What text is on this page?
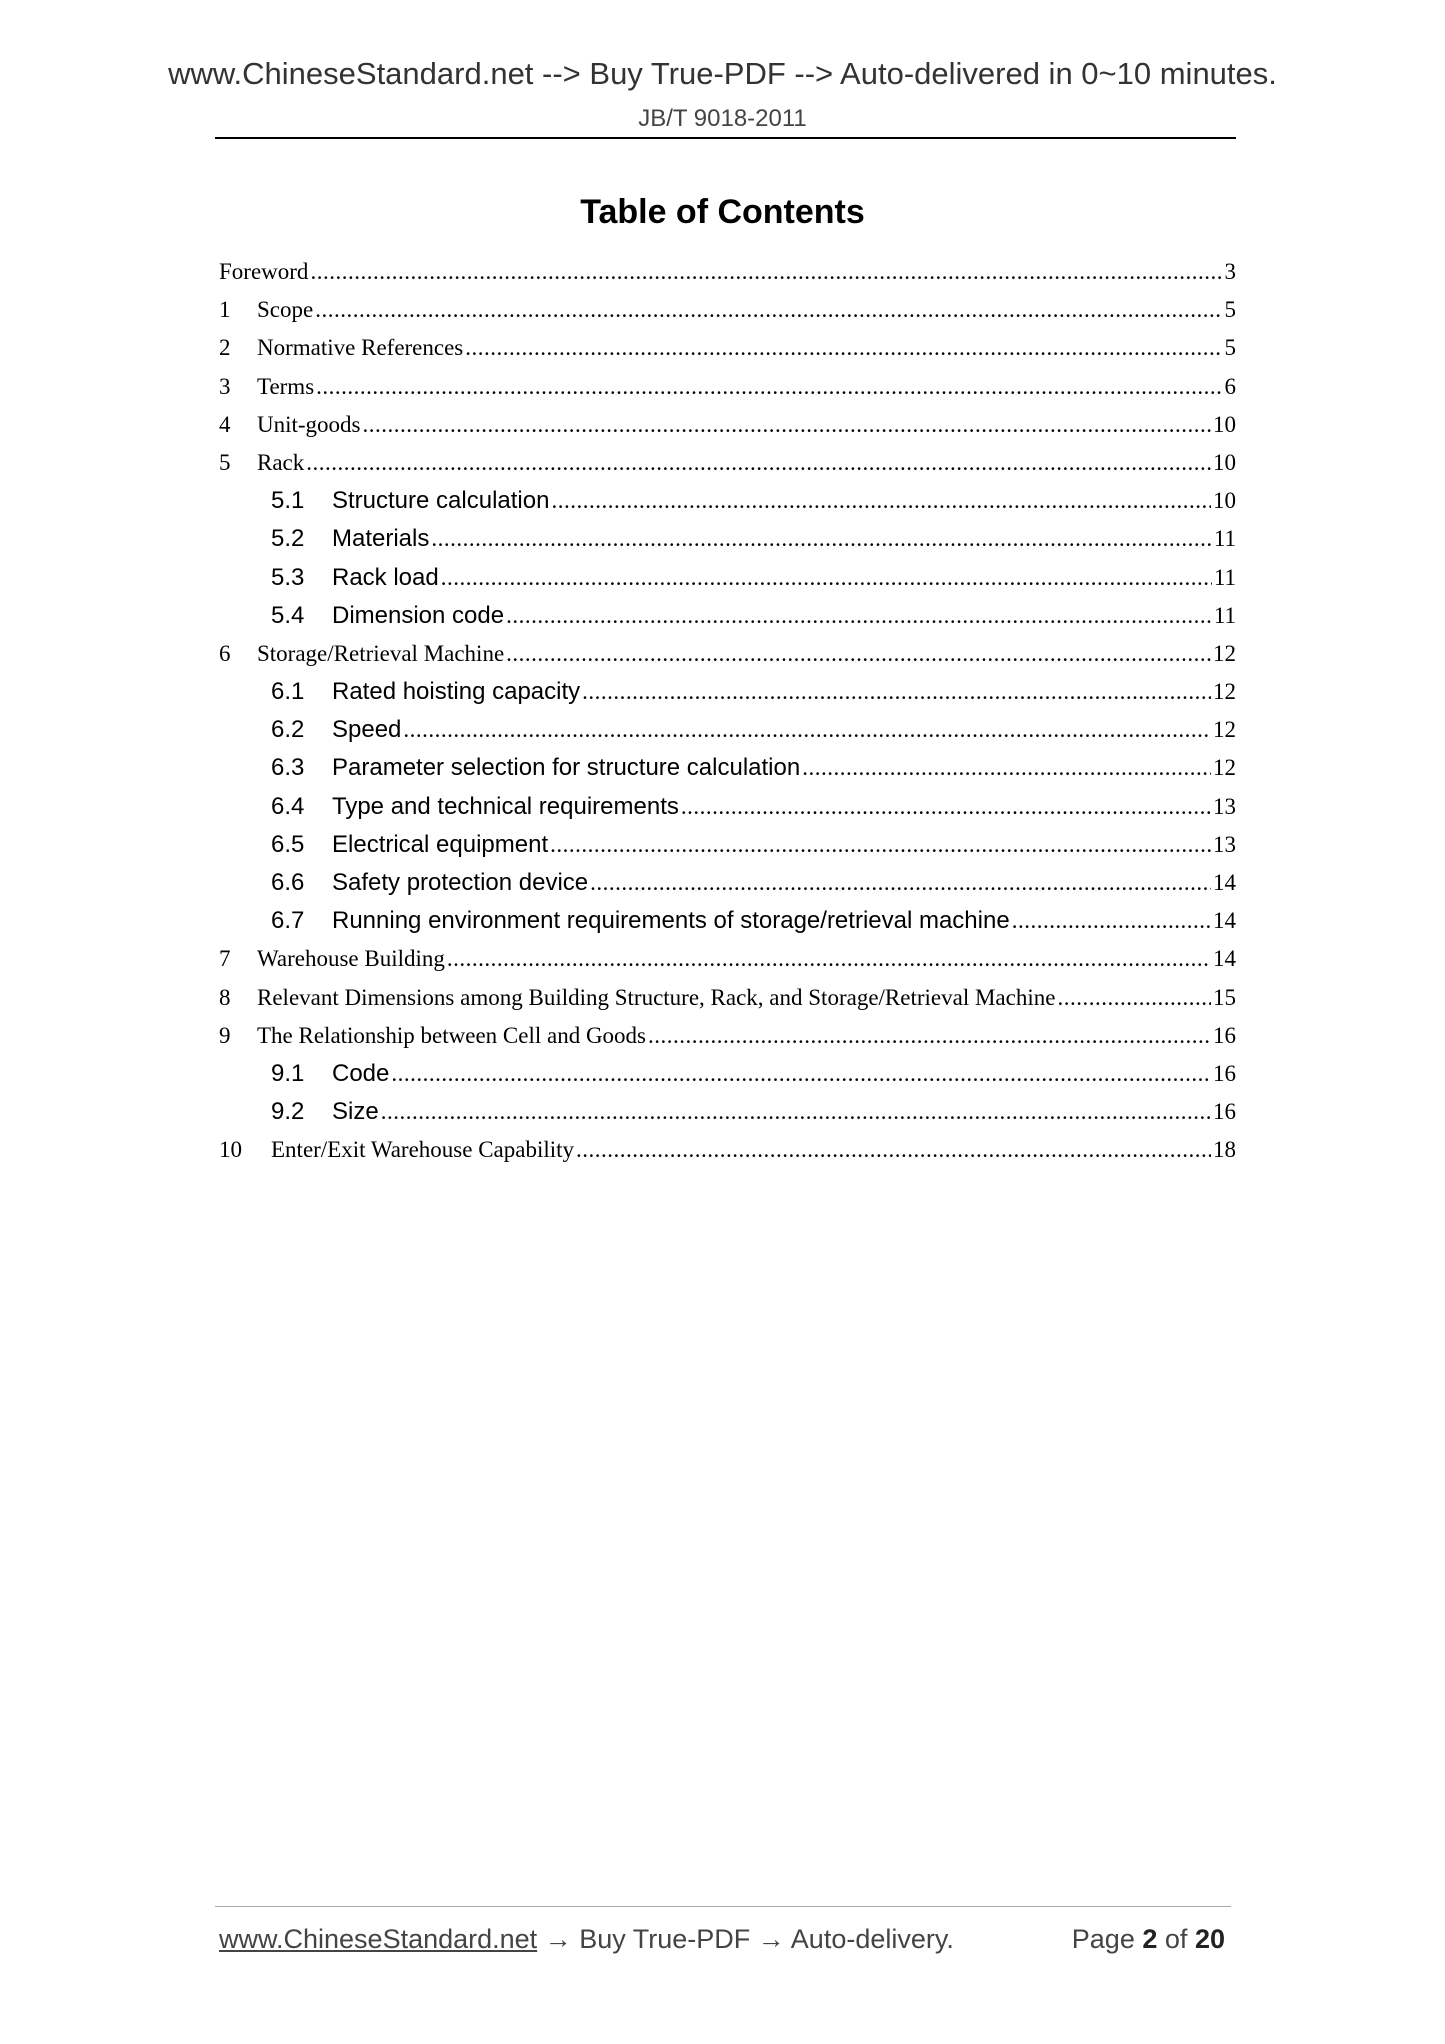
www.ChineseStandard.net --> Buy True-PDF --> Auto-delivered in 0~10 minutes.
JB/T 9018-2011
Table of Contents
Foreword .....	3
1	Scope .....	5
2	Normative References .....	5
3	Terms .....	6
4	Unit-goods .....	10
5	Rack .....	10
5.1	Structure calculation .....	10
5.2	Materials .....	11
5.3	Rack load .....	11
5.4	Dimension code .....	11
6	Storage/Retrieval Machine .....	12
6.1	Rated hoisting capacity .....	12
6.2	Speed .....	12
6.3	Parameter selection for structure calculation .....	12
6.4	Type and technical requirements .....	13
6.5	Electrical equipment .....	13
6.6	Safety protection device .....	14
6.7	Running environment requirements of storage/retrieval machine .....	14
7	Warehouse Building .....	14
8	Relevant Dimensions among Building Structure, Rack, and Storage/Retrieval Machine .....	15
9	The Relationship between Cell and Goods .....	16
9.1	Code .....	16
9.2	Size .....	16
10	Enter/Exit Warehouse Capability .....	18
www.ChineseStandard.net → Buy True-PDF → Auto-delivery.	Page 2 of 20
